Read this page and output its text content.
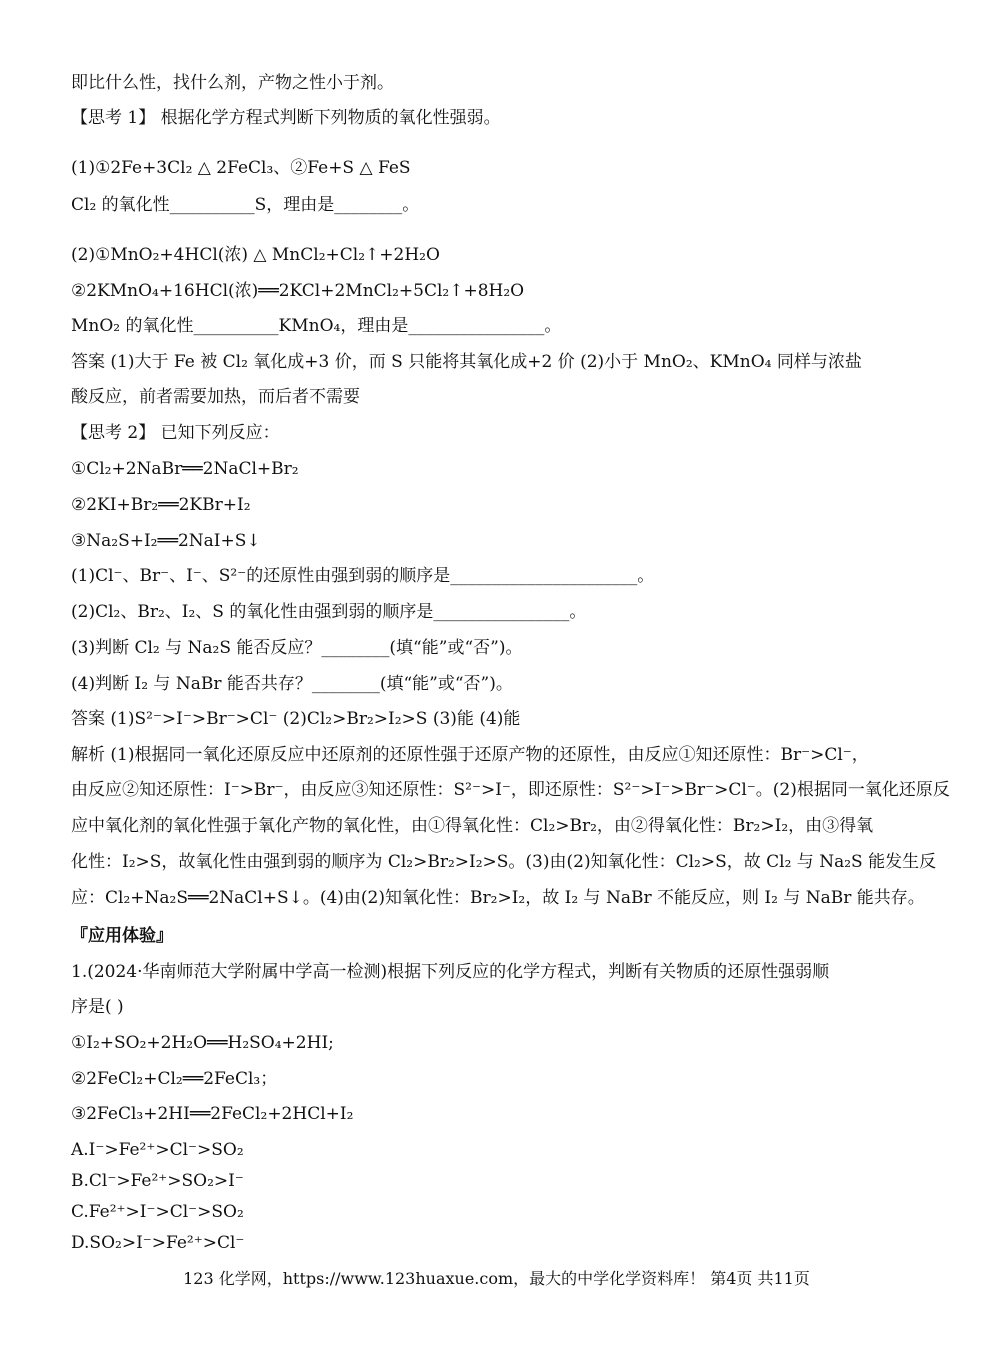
即比什么性，找什么剂，产物之性小于剂。
【思考 1】 根据化学方程式判断下列物质的氧化性强弱。
(1)①2Fe+3Cl₂ △ 2FeCl₃、②Fe+S △ FeS
Cl₂ 的氧化性__________S，理由是________。
(2)①MnO₂+4HCl(浓) △ MnCl₂+Cl₂↑+2H₂O
②2KMnO₄+16HCl(浓)══2KCl+2MnCl₂+5Cl₂↑+8H₂O
MnO₂ 的氧化性__________KMnO₄，理由是________________。
答案 (1)大于 Fe 被 Cl₂ 氧化成+3 价，而 S 只能将其氧化成+2 价 (2)小于 MnO₂、KMnO₄ 同样与浓盐
酸反应，前者需要加热，而后者不需要
【思考 2】 已知下列反应：
①Cl₂+2NaBr══2NaCl+Br₂
②2KI+Br₂══2KBr+I₂
③Na₂S+I₂══2NaI+S↓
(1)Cl⁻、Br⁻、I⁻、S²⁻的还原性由强到弱的顺序是______________________。
(2)Cl₂、Br₂、I₂、S 的氧化性由强到弱的顺序是________________。
(3)判断 Cl₂ 与 Na₂S 能否反应？________(填“能”或“否”)。
(4)判断 I₂ 与 NaBr 能否共存？________(填“能”或“否”)。
答案 (1)S²⁻>I⁻>Br⁻>Cl⁻ (2)Cl₂>Br₂>I₂>S (3)能 (4)能
解析 (1)根据同一氧化还原反应中还原剂的还原性强于还原产物的还原性，由反应①知还原性：Br⁻>Cl⁻，
由反应②知还原性：I⁻>Br⁻，由反应③知还原性：S²⁻>I⁻，即还原性：S²⁻>I⁻>Br⁻>Cl⁻。(2)根据同一氧化还原反
应中氧化剂的氧化性强于氧化产物的氧化性，由①得氧化性：Cl₂>Br₂，由②得氧化性：Br₂>I₂，由③得氧
化性：I₂>S，故氧化性由强到弱的顺序为 Cl₂>Br₂>I₂>S。(3)由(2)知氧化性：Cl₂>S，故 Cl₂ 与 Na₂S 能发生反
应：Cl₂+Na₂S══2NaCl+S↓。(4)由(2)知氧化性：Br₂>I₂，故 I₂ 与 NaBr 不能反应，则 I₂ 与 NaBr 能共存。
『应用体验』
1.(2024·华南师范大学附属中学高一检测)根据下列反应的化学方程式，判断有关物质的还原性强弱顺
序是( )
①I₂+SO₂+2H₂O══H₂SO₄+2HI;
②2FeCl₂+Cl₂══2FeCl₃；
③2FeCl₃+2HI══2FeCl₂+2HCl+I₂
A.I⁻>Fe²⁺>Cl⁻>SO₂
B.Cl⁻>Fe²⁺>SO₂>I⁻
C.Fe²⁺>I⁻>Cl⁻>SO₂
D.SO₂>I⁻>Fe²⁺>Cl⁻
123 化学网，https://www.123huaxue.com，最大的中学化学资料库！ 第4页 共11页
